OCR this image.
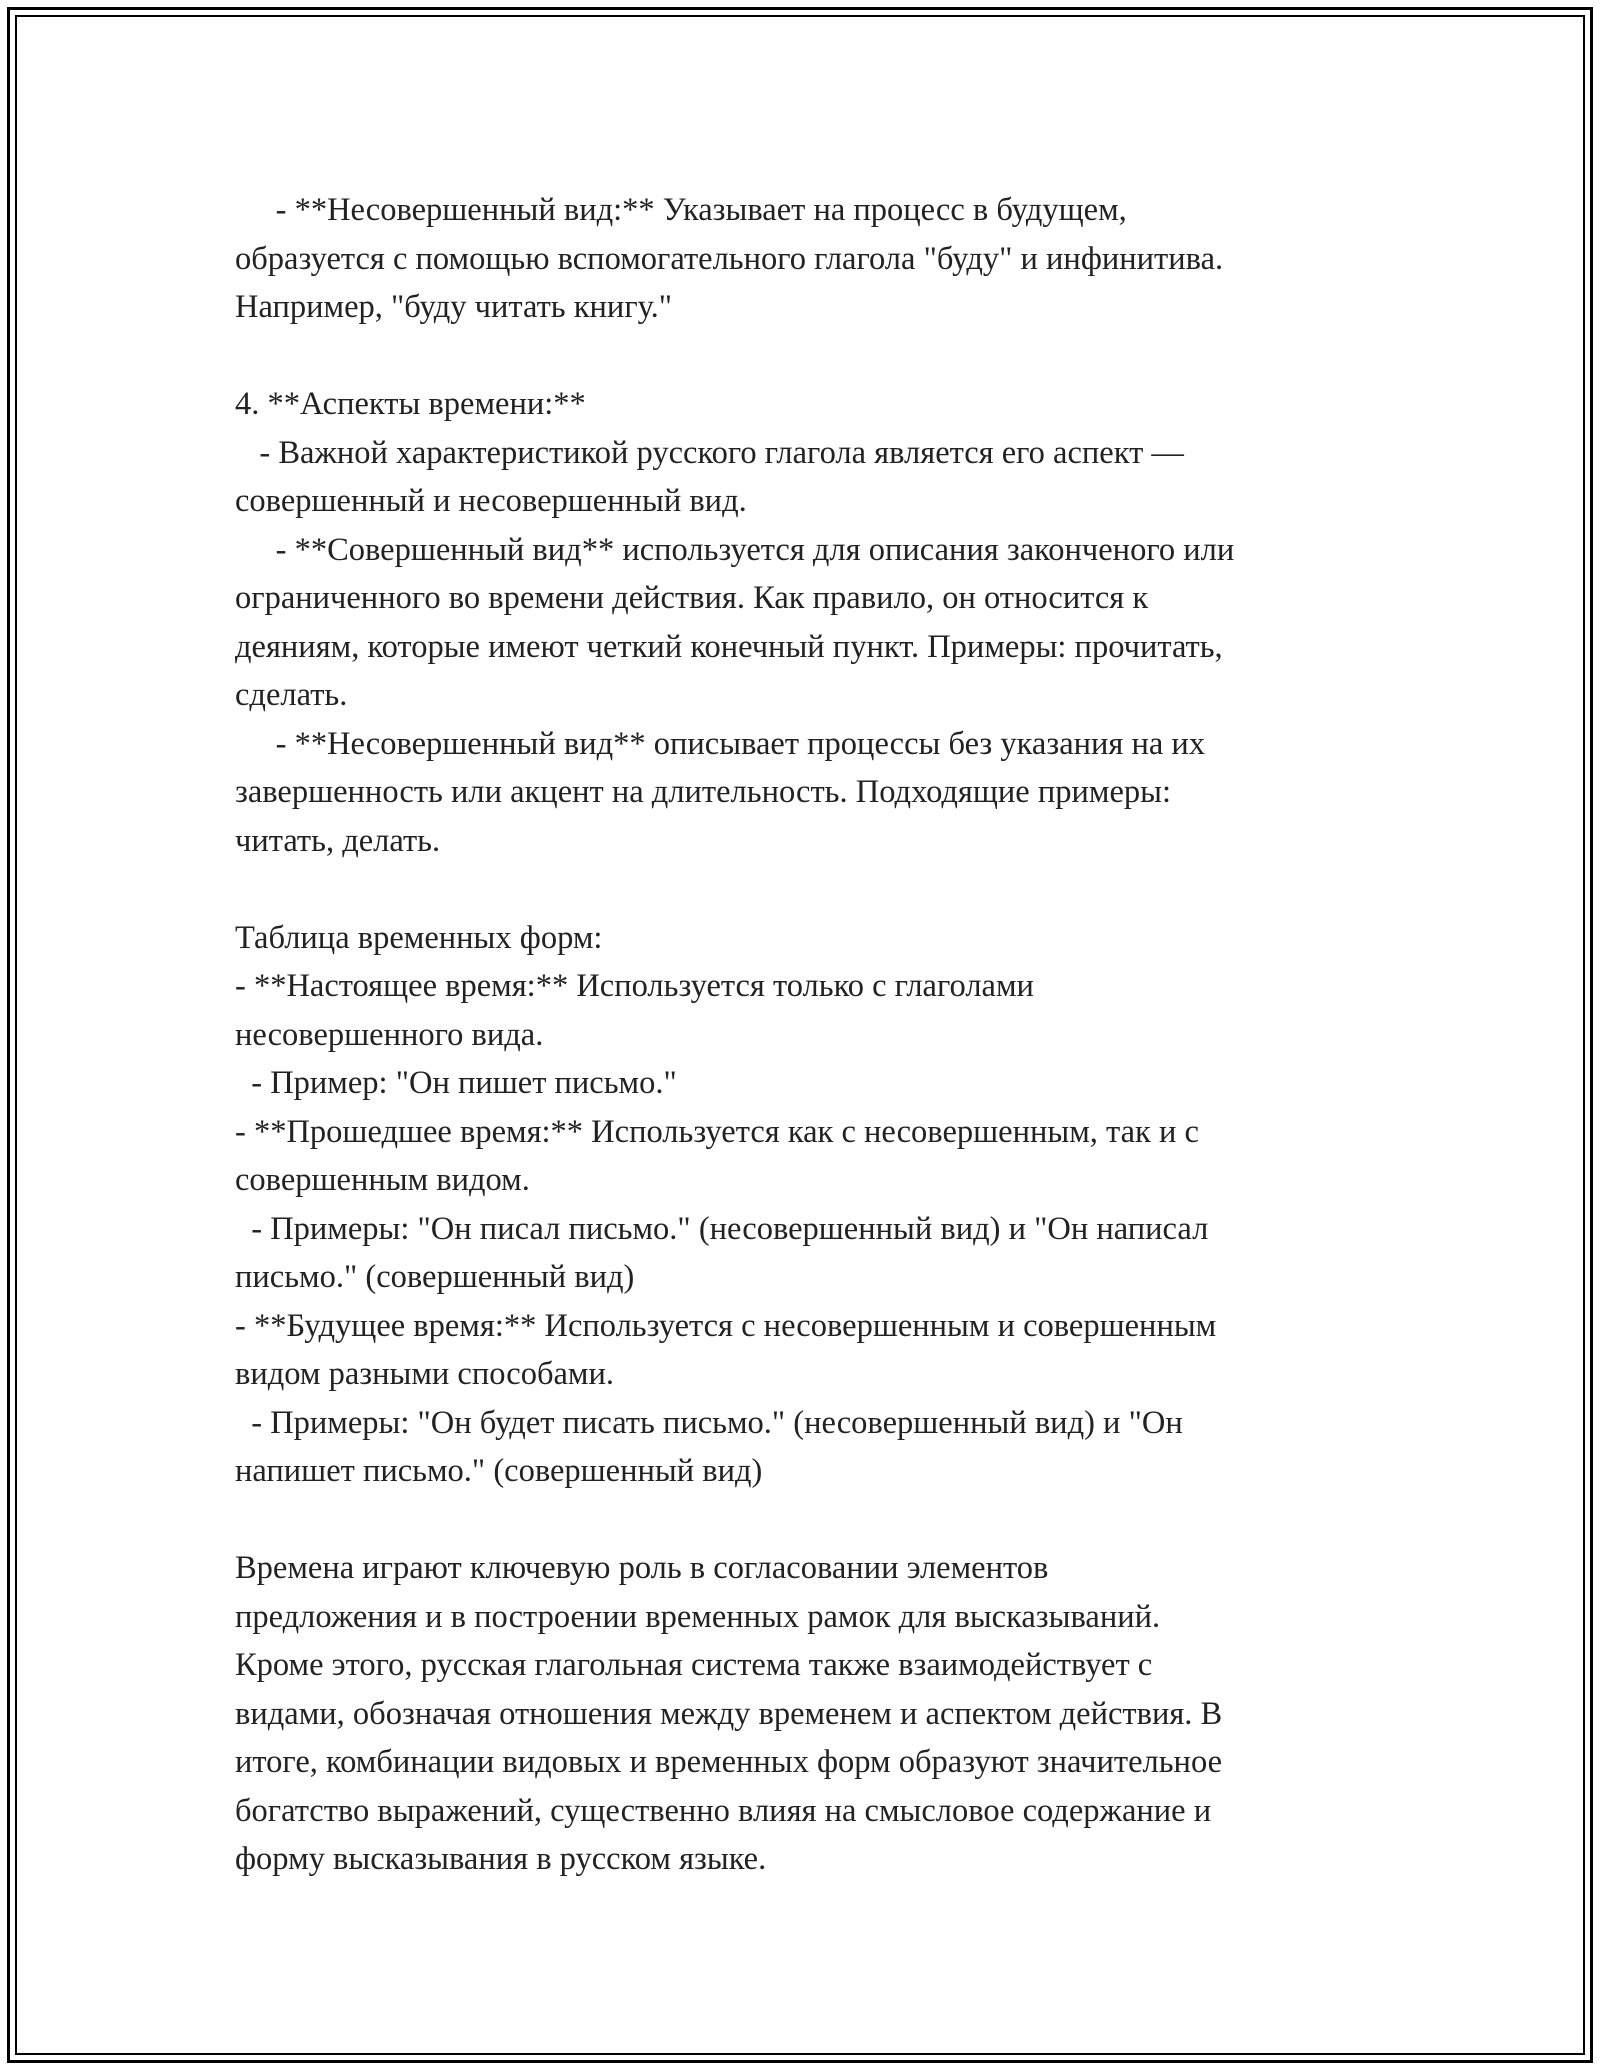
- **Несовершенный вид:** Указывает на процесс в будущем,
образуется с помощью вспомогательного глагола "буду" и инфинитива.
Например, "буду читать книгу."
4. **Аспекты времени:**
- Важной характеристикой русского глагола является его аспект —
совершенный и несовершенный вид.
- **Совершенный вид** используется для описания законченого или
ограниченного во времени действия. Как правило, он относится к
деяниям, которые имеют четкий конечный пункт. Примеры: прочитать,
сделать.
- **Несовершенный вид** описывает процессы без указания на их
завершенность или акцент на длительность. Подходящие примеры:
читать, делать.
Таблица временных форм:
- **Настоящее время:** Используется только с глаголами
несовершенного вида.
- Пример: "Он пишет письмо."
- **Прошедшее время:** Используется как с несовершенным, так и с
совершенным видом.
- Примеры: "Он писал письмо." (несовершенный вид) и "Он написал
письмо." (совершенный вид)
- **Будущее время:** Используется с несовершенным и совершенным
видом разными способами.
- Примеры: "Он будет писать письмо." (несовершенный вид) и "Он
напишет письмо." (совершенный вид)
Времена играют ключевую роль в согласовании элементов
предложения и в построении временных рамок для высказываний.
Кроме этого, русская глагольная система также взаимодействует с
видами, обозначая отношения между временем и аспектом действия. В
итоге, комбинации видовых и временных форм образуют значительное
богатство выражений, существенно влияя на смысловое содержание и
форму высказывания в русском языке.
